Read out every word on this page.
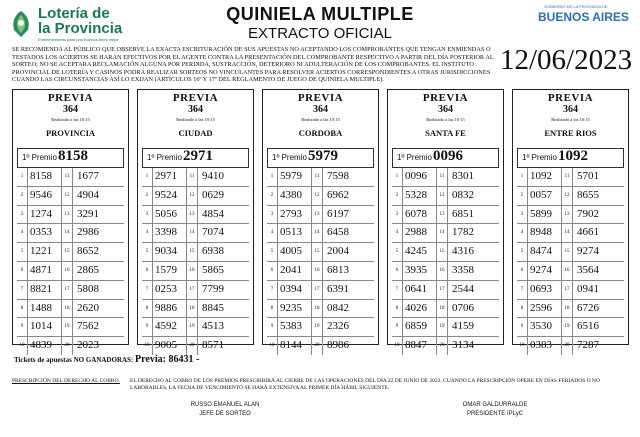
Lotería de
la Provincia
Entretenimiento para una Buenos Aires mejor
QUINIELA MULTIPLE
EXTRACTO OFICIAL
GOBIERNO DE LA PROVINCIA DE
BUENOS AIRES
SE RECOMIENDA AL PÚBLICO QUE OBSERVE LA EXACTA ESCRITURACIÓN DE SUS APUESTAS NO ACEPTANDO LOS COMPROBANTES QUE TENGAN ENMIENDAS O TESTADOS LOS ACIERTOS SE HARÁN EFECTIVOS POR EL AGENTE CONTRA LA PRESENTACIÓN DEL COMPROBANTE RESPECTIVO A PARTIR DEL DÍA POSTERIOR AL SORTEO; NO SE ACEPTARA RECLAMACIÓN ALGUNA POR PERDIDA, SUSTRACCIÓN, DETERIORO NI ADULTERACIÓN DE LOS COMPROBANTES. EL INSTITUTO PROVINCIAL DE LOTERÍA Y CASINOS PODRÁ REALIZAR SORTEOS NO VINCULANTES PARA RESOLVER ACIERTOS CORRESPONDIENTES A OTRAS JURISDICCIONES CUANDO LAS CIRCUNSTANCIAS ASÍ LO EXIJAN (ARTÍCULOS 16º Y 17º DEL REGLAMENTO DE JUEGO DE QUINIELA MULTIPLE).
12/06/2023
PREVIA
364
Realizado a las 10:15
PROVINCIA
1º Premio 8158
1 8158	11 1677
2 9546	12 4904
3 1274	13 3291
4 0353	14 2986
5 1221	15 8652
6 4871	16 2865
7 8821	17 5808
8 1488	18 2620
9 1014	19 7562
10 4839	20 2023
PREVIA
364
Realizado a las 10:15
CIUDAD
1º Premio 2971
1 2971	11 9410
2 9524	12 0629
3 5056	13 4854
4 3398	14 7074
5 9034	15 6938
6 1579	16 5865
7 0253	17 7799
8 9886	18 8845
9 4592	19 4513
10 9005	20 8571
PREVIA
364
Realizado a las 10:15
CORDOBA
1º Premio 5979
1 5979	11 7598
2 4380	12 6962
3 2793	13 6197
4 0513	14 6458
5 4005	15 2004
6 2041	16 6813
7 0394	17 6391
8 9235	18 0842
9 5383	19 2326
10 8144	20 8986
PREVIA
364
Realizado a las 10:15
SANTA FE
1º Premio 0096
1 0096	11 8301
2 5328	12 0832
3 6078	13 6851
4 2988	14 1782
5 4245	15 4316
6 3935	16 3358
7 0641	17 2544
8 4026	18 0706
9 6859	19 4159
10 8847	20 3134
PREVIA
364
Realizado a las 10:15
ENTRE RIOS
1º Premio 1092
1 1092	11 5701
2 0057	12 8655
3 5899	13 7902
4 8948	14 4661
5 8474	15 9274
6 9274	16 3564
7 0693	17 0941
8 2596	18 6726
9 3530	19 6516
10 0383	20 7287
Tickets de apuestas NO GANADORAS: Previa: 86431 -
PRESCRIPCIÓN DEL DERECHO AL COBRO. EL DERECHO AL COBRO DE LOS PREMIOS PRESCRIBIRÁ AL CIERRE DE LAS OPERACIONES DEL DÍA 22 DE JUNIO DE 2023, CUANDO LA PRESCRIPCIÓN OPERE EN DÍAS FERIADOS O NO LABORABLES, LA FECHA DE VENCIMIENTO SE HARÁ EXTENSIVA AL PRIMER DÍA HÁBIL SIGUIENTE.
RUSSO EMANUEL ALAN
JEFE DE SORTEO
OMAR GALDURRALDE
PRESIDENTE IPLyC
